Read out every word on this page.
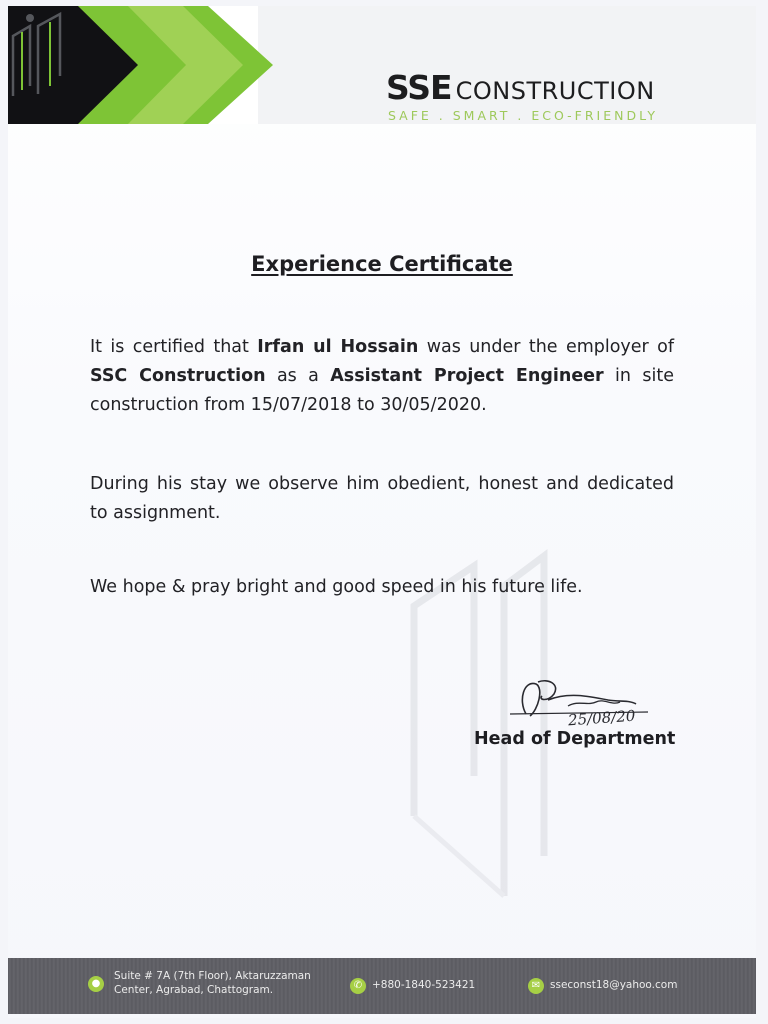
SSE CONSTRUCTION
SAFE . SMART . ECO-FRIENDLY
Experience Certificate
It is certified that Irfan ul Hossain was under the employer of SSC Construction as a Assistant Project Engineer in site construction from 15/07/2018 to 30/05/2020.
During his stay we observe him obedient, honest and dedicated to assignment.
We hope & pray bright and good speed in his future life.
25/08/20
Head of Department
●
Suite # 7A (7th Floor), Aktaruzzaman
Center, Agrabad, Chattogram.	✆ +880-1840-523421	✉ sseconst18@yahoo.com
